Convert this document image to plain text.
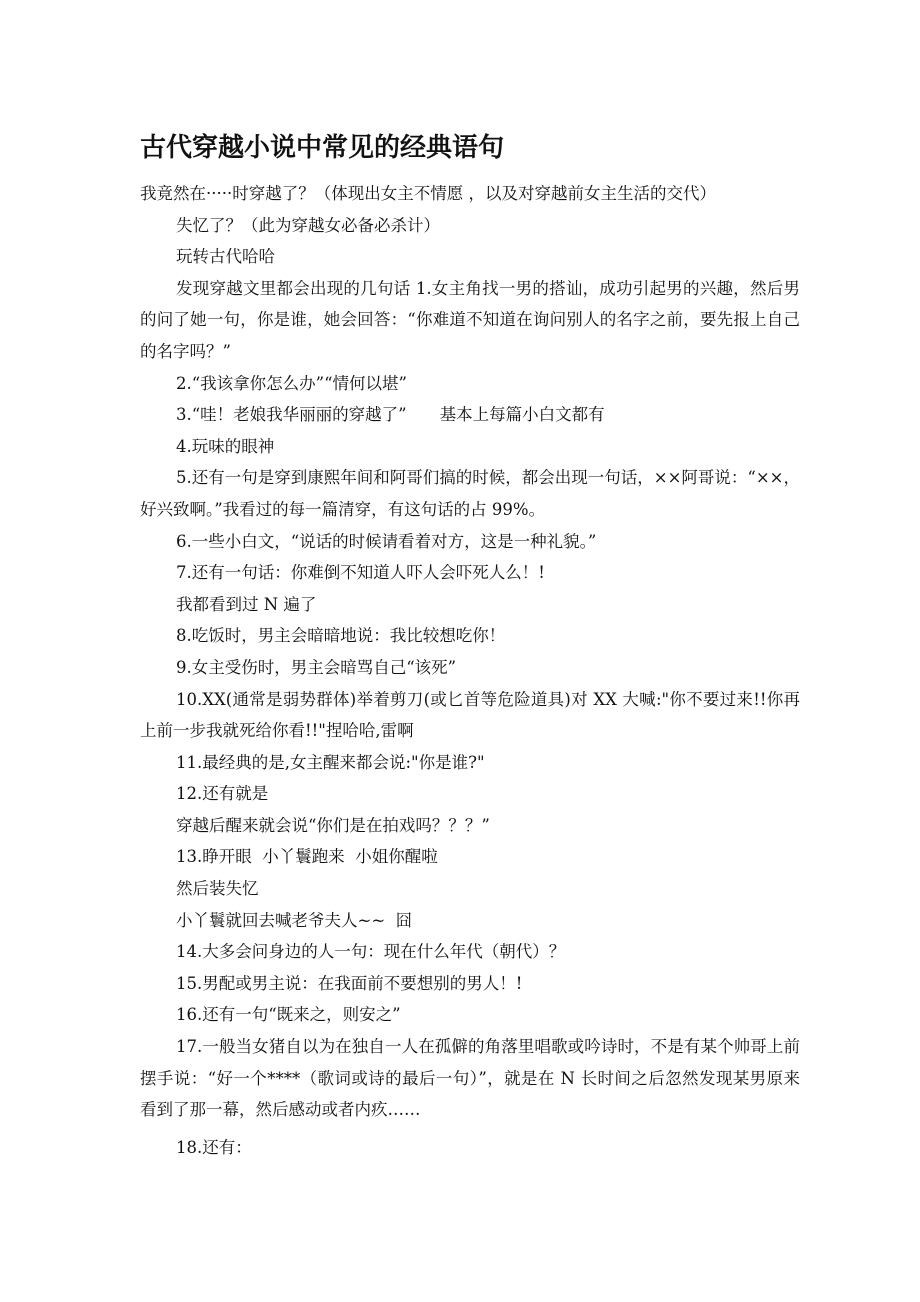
古代穿越小说中常见的经典语句

我竟然在·····时穿越了？（体现出女主不情愿 ，以及对穿越前女主生活的交代）

失忆了？（此为穿越女必备必杀计）

玩转古代哈哈

发现穿越文里都会出现的几句话 1.女主角找一男的搭讪，成功引起男的兴趣，然后男的问了她一句，你是谁，她会回答：“你难道不知道在询问别人的名字之前，要先报上自己的名字吗？”

2.“我该拿你怎么办”“情何以堪”

3.“哇！老娘我华丽丽的穿越了”　　基本上每篇小白文都有

4.玩味的眼神

5.还有一句是穿到康熙年间和阿哥们搞的时候，都会出现一句话，××阿哥说：“××，好兴致啊。”我看过的每一篇清穿，有这句话的占 99%。

6.一些小白文，“说话的时候请看着对方，这是一种礼貌。”

7.还有一句话：你难倒不知道人吓人会吓死人么！!

我都看到过 N 遍了

8.吃饭时，男主会暗暗地说：我比较想吃你！

9.女主受伤时，男主会暗骂自己“该死”

10.XX(通常是弱势群体)举着剪刀(或匕首等危险道具)对 XX 大喊:"你不要过来!!你再上前一步我就死给你看!!"捏哈哈,雷啊

11.最经典的是,女主醒来都会说:"你是谁?"

12.还有就是

穿越后醒来就会说“你们是在拍戏吗？？？”

13.睁开眼  小丫鬟跑来  小姐你醒啦

然后装失忆

小丫鬟就回去喊老爷夫人~~  囧

14.大多会问身边的人一句：现在什么年代（朝代）？

15.男配或男主说：在我面前不要想别的男人！!

16.还有一句“既来之，则安之”

17.一般当女猪自以为在独自一人在孤僻的角落里唱歌或吟诗时，不是有某个帅哥上前摆手说：“好一个****（歌词或诗的最后一句）”，就是在 N 长时间之后忽然发现某男原来看到了那一幕，然后感动或者内疚……

18.还有：
